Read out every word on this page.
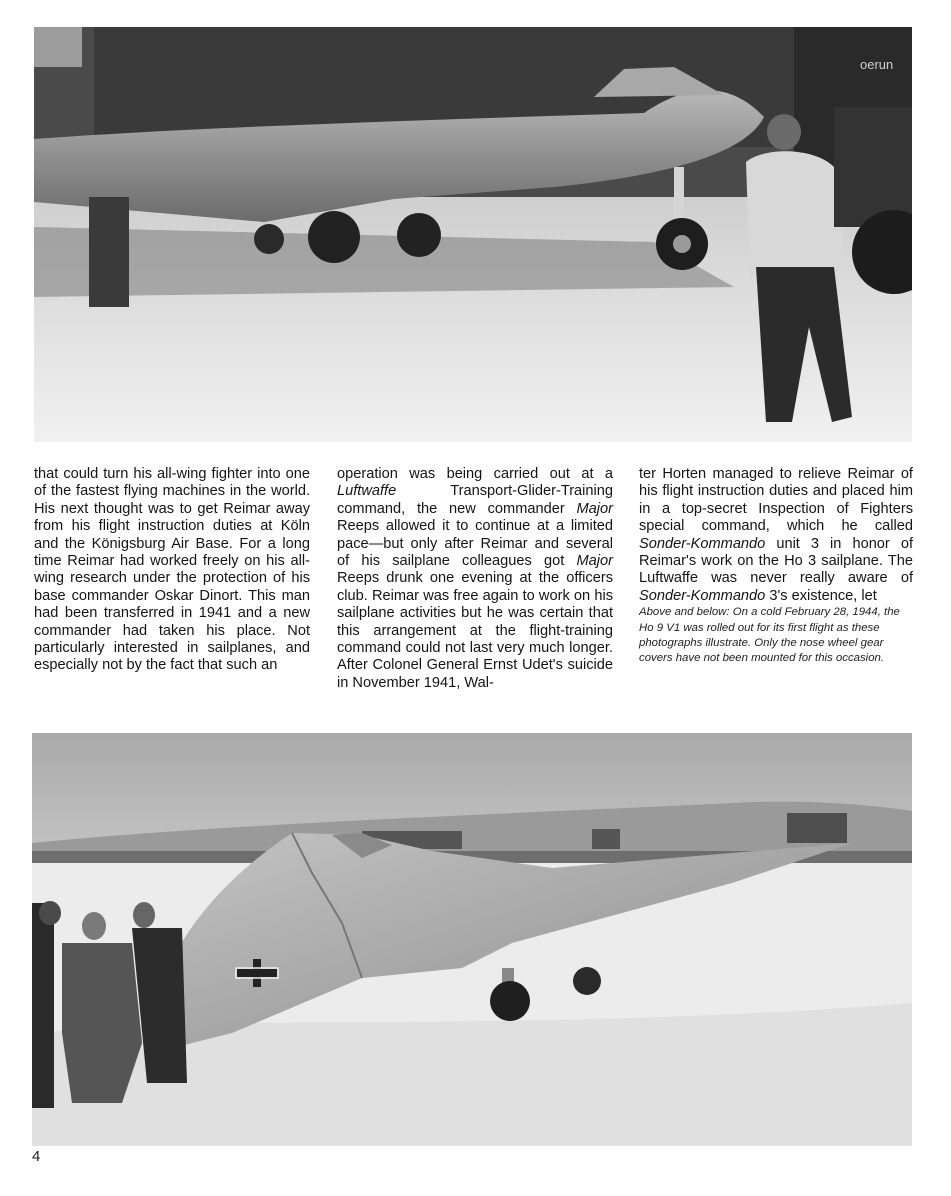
oerun

that could turn his all-wing fighter into one of the fastest flying machines in the world. His next thought was to get Reimar away from his flight instruction duties at Köln and the Königsburg Air Base. For a long time Reimar had worked freely on his all-wing research under the protection of his base commander Oskar Dinort. This man had been transferred in 1941 and a new commander had taken his place. Not particularly interested in sailplanes, and especially not by the fact that such an

operation was being carried out at a Luftwaffe Transport-Glider-Training command, the new commander Major Reeps allowed it to continue at a limited pace—but only after Reimar and several of his sailplane colleagues got Major Reeps drunk one evening at the officers club. Reimar was free again to work on his sailplane activities but he was certain that this arrangement at the flight-training command could not last very much longer. After Colonel General Ernst Udet's suicide in November 1941, Wal-

ter Horten managed to relieve Reimar of his flight instruction duties and placed him in a top-secret Inspection of Fighters special command, which he called Sonder-Kommando unit 3 in honor of Reimar's work on the Ho 3 sailplane. The Luftwaffe was never really aware of Sonder-Kommando 3's existence, let

Above and below: On a cold February 28, 1944, the Ho 9 V1 was rolled out for its first flight as these photographs illustrate. Only the nose wheel gear covers have not been mounted for this occasion.

4
